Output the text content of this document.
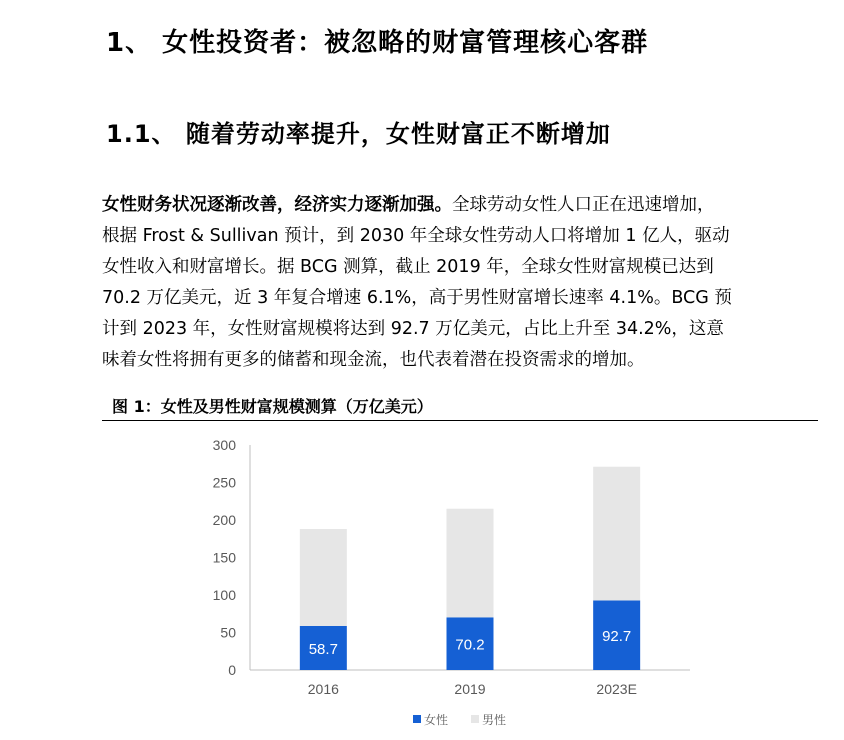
1、 女性投资者：被忽略的财富管理核心客群
1.1、 随着劳动率提升，女性财富正不断增加
女性财务状况逐渐改善，经济实力逐渐加强。全球劳动女性人口正在迅速增加，
根据 Frost & Sullivan 预计，到 2030 年全球女性劳动人口将增加 1 亿人，驱动
女性收入和财富增长。据 BCG 测算，截止 2019 年，全球女性财富规模已达到
70.2 万亿美元，近 3 年复合增速 6.1%，高于男性财富增长速率 4.1%。BCG 预
计到 2023 年，女性财富规模将达到 92.7 万亿美元，占比上升至 34.2%，这意
味着女性将拥有更多的储蓄和现金流，也代表着潜在投资需求的增加。
图 1：女性及男性财富规模测算（万亿美元）
0
50
100
150
200
250
300
58.7
2016
70.2
2019
92.7
2023E
女性	男性
